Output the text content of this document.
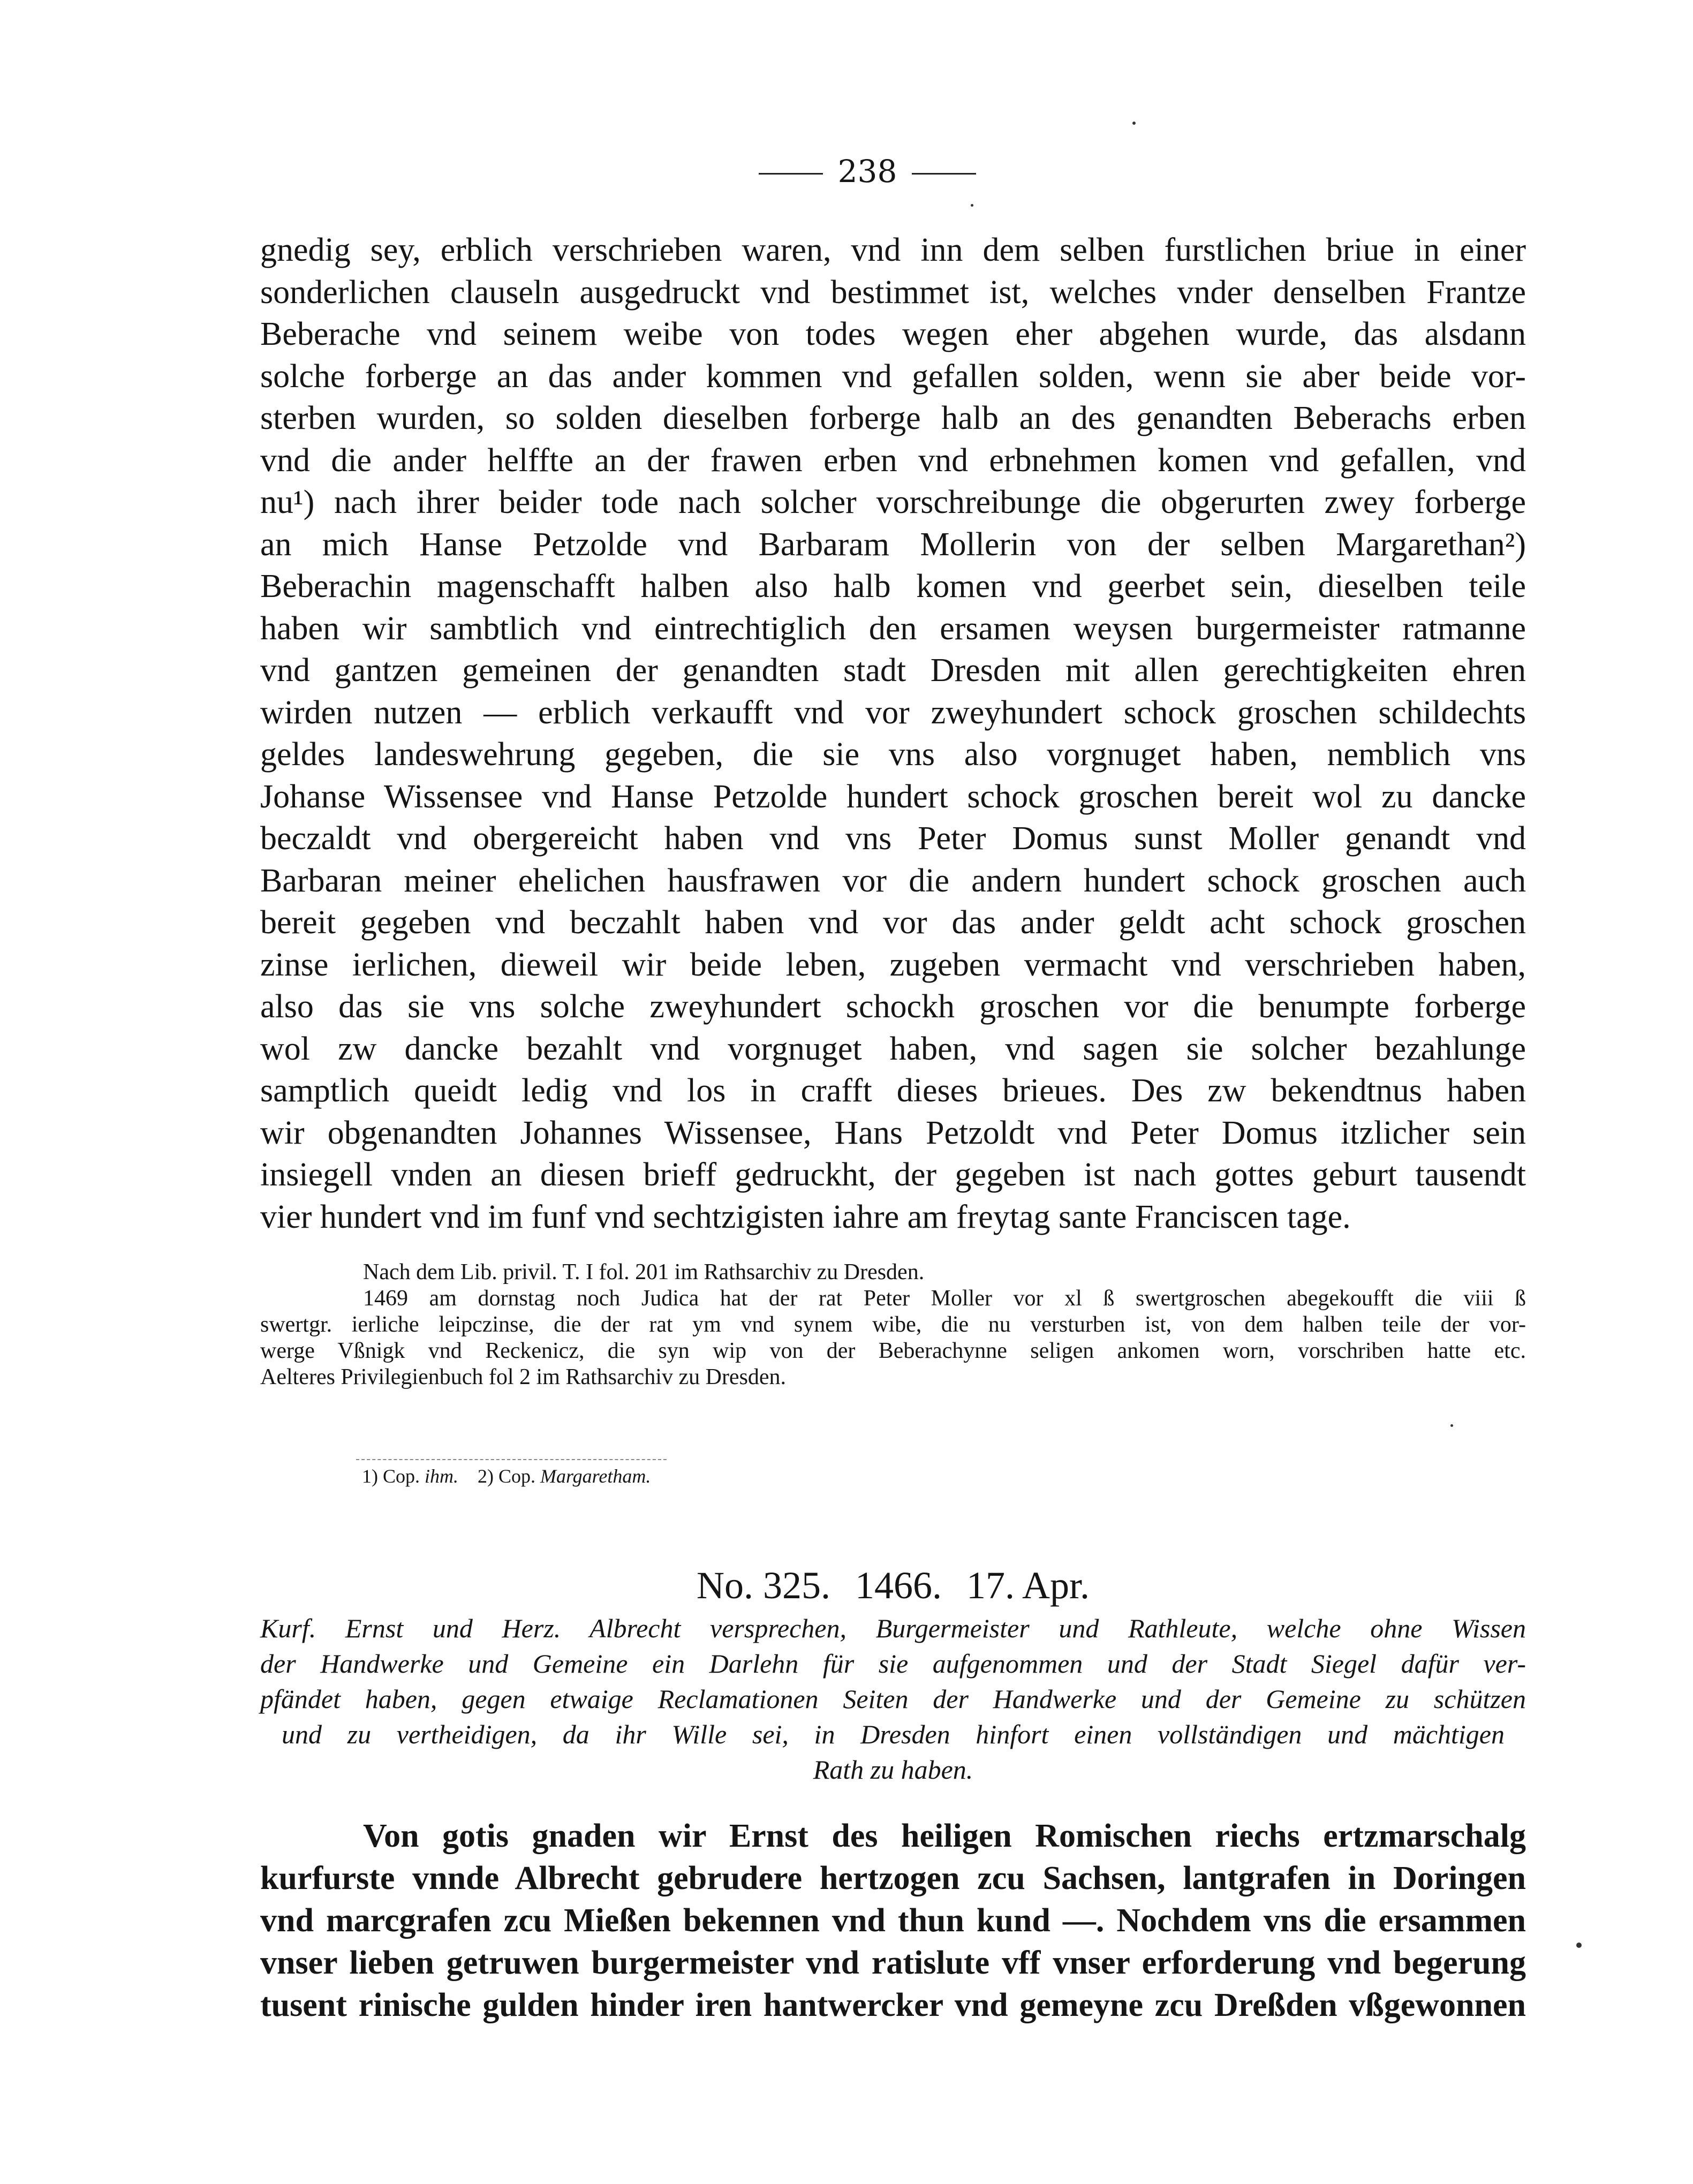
238
gnedig sey, erblich verschrieben waren, vnd inn dem selben furstlichen briue in einer
sonderlichen clauseln ausgedruckt vnd bestimmet ist, welches vnder denselben Frantze
Beberache vnd seinem weibe von todes wegen eher abgehen wurde, das alsdann
solche forberge an das ander kommen vnd gefallen solden, wenn sie aber beide vor-
sterben wurden, so solden dieselben forberge halb an des genandten Beberachs erben
vnd die ander helffte an der frawen erben vnd erbnehmen komen vnd gefallen, vnd
nu¹) nach ihrer beider tode nach solcher vorschreibunge die obgerurten zwey forberge
an mich Hanse Petzolde vnd Barbaram Mollerin von der selben Margarethan²)
Beberachin magenschafft halben also halb komen vnd geerbet sein, dieselben teile
haben wir sambtlich vnd eintrechtiglich den ersamen weysen burgermeister ratmanne
vnd gantzen gemeinen der genandten stadt Dresden mit allen gerechtigkeiten ehren
wirden nutzen — erblich verkaufft vnd vor zweyhundert schock groschen schildechts
geldes landeswehrung gegeben, die sie vns also vorgnuget haben, nemblich vns
Johanse Wissensee vnd Hanse Petzolde hundert schock groschen bereit wol zu dancke
beczaldt vnd obergereicht haben vnd vns Peter Domus sunst Moller genandt vnd
Barbaran meiner ehelichen hausfrawen vor die andern hundert schock groschen auch
bereit gegeben vnd beczahlt haben vnd vor das ander geldt acht schock groschen
zinse ierlichen, dieweil wir beide leben, zugeben vermacht vnd verschrieben haben,
also das sie vns solche zweyhundert schockh groschen vor die benumpte forberge
wol zw dancke bezahlt vnd vorgnuget haben, vnd sagen sie solcher bezahlunge
samptlich queidt ledig vnd los in crafft dieses brieues. Des zw bekendtnus haben
wir obgenandten Johannes Wissensee, Hans Petzoldt vnd Peter Domus itzlicher sein
insiegell vnden an diesen brieff gedruckht, der gegeben ist nach gottes geburt tausendt
vier hundert vnd im funf vnd sechtzigisten iahre am freytag sante Franciscen tage.
Nach dem Lib. privil. T. I fol. 201 im Rathsarchiv zu Dresden.
1469 am dornstag noch Judica hat der rat Peter Moller vor xl ß swertgroschen abegekoufft die viii ß
swertgr. ierliche leipczinse, die der rat ym vnd synem wibe, die nu versturben ist, von dem halben teile der vor-
werge Vßnigk vnd Reckenicz, die syn wip von der Beberachynne seligen ankomen worn, vorschriben hatte etc.
Aelteres Privilegienbuch fol 2 im Rathsarchiv zu Dresden.
1) Cop. ihm. 2) Cop. Margaretham.
No. 325. 1466. 17. Apr.
Kurf. Ernst und Herz. Albrecht versprechen, Burgermeister und Rathleute, welche ohne Wissen
der Handwerke und Gemeine ein Darlehn für sie aufgenommen und der Stadt Siegel dafür ver-
pfändet haben, gegen etwaige Reclamationen Seiten der Handwerke und der Gemeine zu schützen
und zu vertheidigen, da ihr Wille sei, in Dresden hinfort einen vollständigen und mächtigen
Rath zu haben.
Von gotis gnaden wir Ernst des heiligen Romischen riechs ertzmarschalg
kurfurste vnnde Albrecht gebrudere hertzogen zcu Sachsen, lantgrafen in Doringen
vnd marcgrafen zcu Mießen bekennen vnd thun kund —. Nochdem vns die ersammen
vnser lieben getruwen burgermeister vnd ratislute vff vnser erforderung vnd begerung
tusent rinische gulden hinder iren hantwercker vnd gemeyne zcu Dreßden vßgewonnen
